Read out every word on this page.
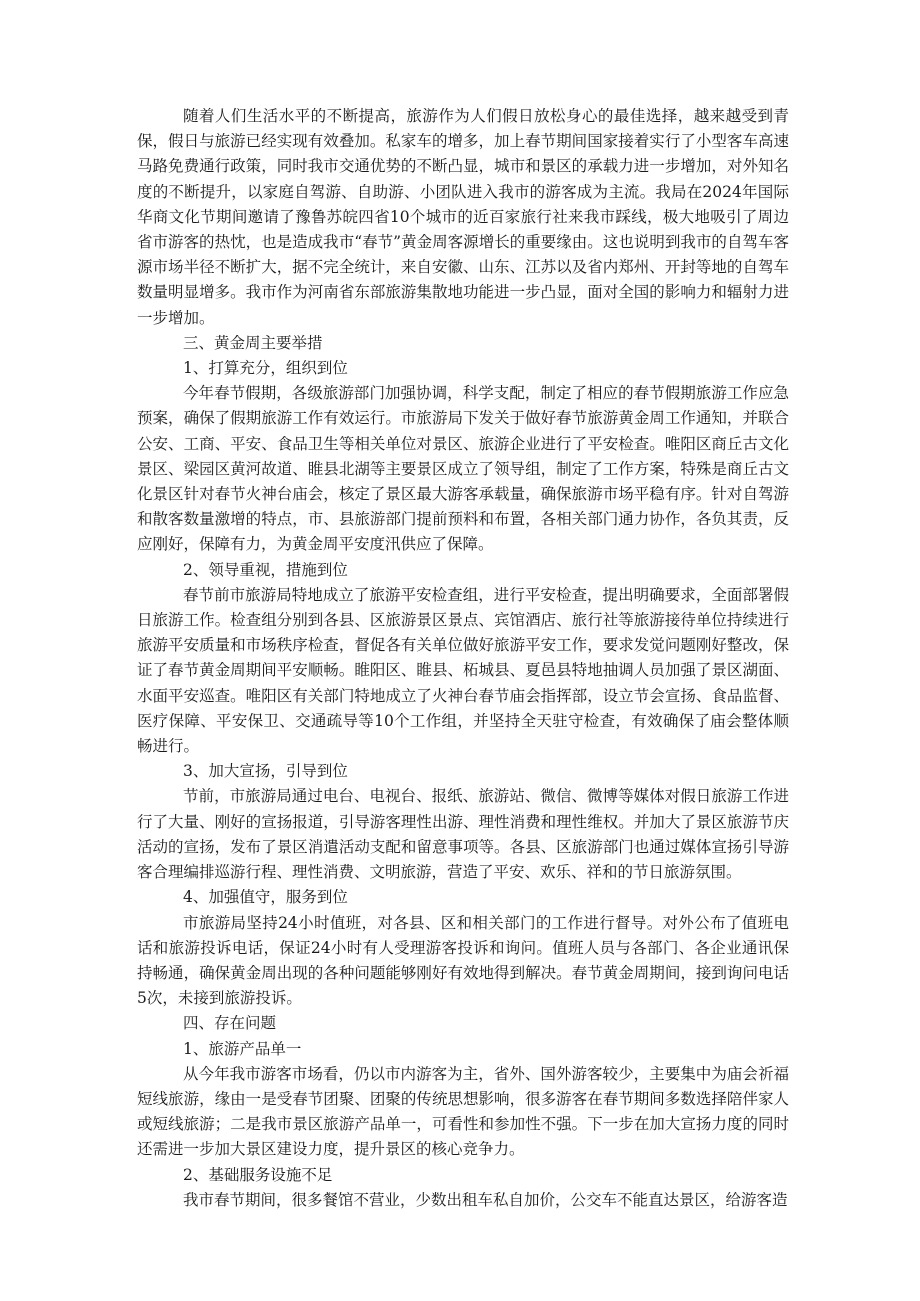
随着人们生活水平的不断提高，旅游作为人们假日放松身心的最佳选择，越来越受到青保，假日与旅游已经实现有效叠加。私家车的增多，加上春节期间国家接着实行了小型客车高速马路免费通行政策，同时我市交通优势的不断凸显，城市和景区的承载力进一步增加，对外知名度的不断提升，以家庭自驾游、自助游、小团队进入我市的游客成为主流。我局在2024年国际华商文化节期间邀请了豫鲁苏皖四省10个城市的近百家旅行社来我市踩线，极大地吸引了周边省市游客的热忱，也是造成我市“春节”黄金周客源增长的重要缘由。这也说明到我市的自驾车客源市场半径不断扩大，据不完全统计，来自安徽、山东、江苏以及省内郑州、开封等地的自驾车数量明显增多。我市作为河南省东部旅游集散地功能进一步凸显，面对全国的影响力和辐射力进一步增加。

三、黄金周主要举措

1、打算充分，组织到位

今年春节假期，各级旅游部门加强协调，科学支配，制定了相应的春节假期旅游工作应急预案，确保了假期旅游工作有效运行。市旅游局下发关于做好春节旅游黄金周工作通知，并联合公安、工商、平安、食品卫生等相关单位对景区、旅游企业进行了平安检查。唯阳区商丘古文化景区、梁园区黄河故道、睢县北湖等主要景区成立了领导组，制定了工作方案，特殊是商丘古文化景区针对春节火神台庙会，核定了景区最大游客承载量，确保旅游市场平稳有序。针对自驾游和散客数量激增的特点，市、县旅游部门提前预料和布置，各相关部门通力协作，各负其责，反应刚好，保障有力，为黄金周平安度汛供应了保障。

2、领导重视，措施到位

春节前市旅游局特地成立了旅游平安检查组，进行平安检查，提出明确要求，全面部署假日旅游工作。检查组分别到各县、区旅游景区景点、宾馆酒店、旅行社等旅游接待单位持续进行旅游平安质量和市场秩序检查，督促各有关单位做好旅游平安工作，要求发觉问题刚好整改，保证了春节黄金周期间平安顺畅。睢阳区、睢县、柘城县、夏邑县特地抽调人员加强了景区湖面、水面平安巡查。唯阳区有关部门特地成立了火神台春节庙会指挥部，设立节会宣扬、食品监督、医疗保障、平安保卫、交通疏导等10个工作组，并坚持全天驻守检查，有效确保了庙会整体顺畅进行。

3、加大宣扬，引导到位

节前，市旅游局通过电台、电视台、报纸、旅游站、微信、微博等媒体对假日旅游工作进行了大量、刚好的宣扬报道，引导游客理性出游、理性消费和理性维权。并加大了景区旅游节庆活动的宣扬，发布了景区消遣活动支配和留意事项等。各县、区旅游部门也通过媒体宣扬引导游客合理编排巡游行程、理性消费、文明旅游，营造了平安、欢乐、祥和的节日旅游氛围。

4、加强值守，服务到位

市旅游局坚持24小时值班，对各县、区和相关部门的工作进行督导。对外公布了值班电话和旅游投诉电话，保证24小时有人受理游客投诉和询问。值班人员与各部门、各企业通讯保持畅通，确保黄金周出现的各种问题能够刚好有效地得到解决。春节黄金周期间，接到询问电话5次，未接到旅游投诉。

四、存在问题

1、旅游产品单一

从今年我市游客市场看，仍以市内游客为主，省外、国外游客较少，主要集中为庙会祈福短线旅游，缘由一是受春节团聚、团聚的传统思想影响，很多游客在春节期间多数选择陪伴家人或短线旅游；二是我市景区旅游产品单一，可看性和参加性不强。下一步在加大宣扬力度的同时还需进一步加大景区建设力度，提升景区的核心竞争力。

2、基础服务设施不足

我市春节期间，很多餐馆不营业，少数出租车私自加价，公交车不能直达景区，给游客造
